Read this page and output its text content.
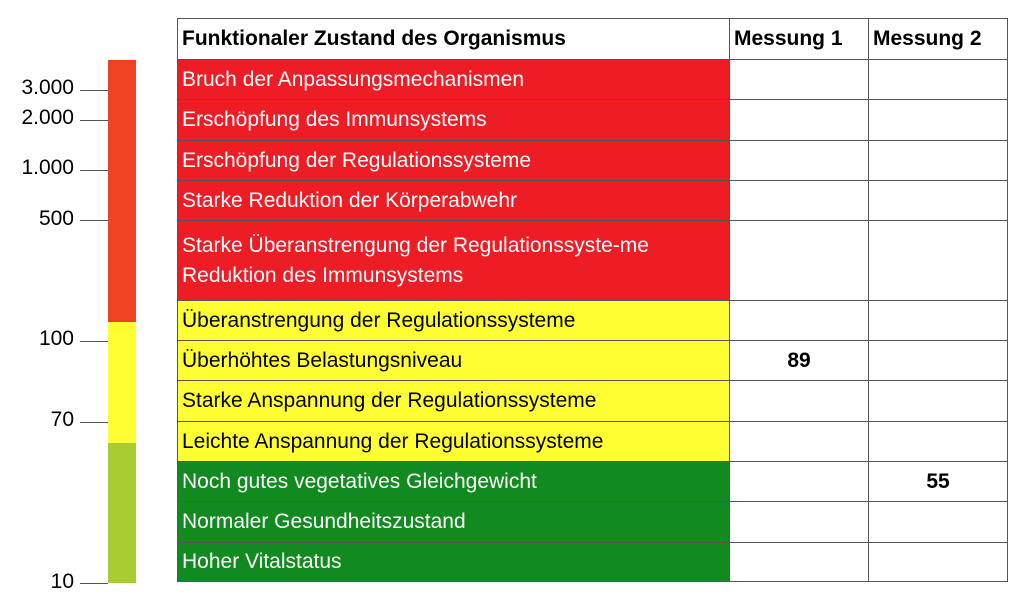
3.000
2.000
1.000
500
100
70
10
Funktionaler Zustand des Organismus	Messung 1	Messung 2
Bruch der Anpassungsmechanismen		
Erschöpfung des Immunsystems		
Erschöpfung der Regulationssysteme		
Starke Reduktion der Körperabwehr		

Starke Überanstrengung der Regulationssyste-me
Reduktion des Immunsystems		

Überanstrengung der Regulationssysteme		
Überhöhtes Belastungsniveau	89	
Starke Anspannung der Regulationssysteme		
Leichte Anspannung der Regulationssysteme		
Noch gutes vegetatives Gleichgewicht		55
Normaler Gesundheitszustand		
Hoher Vitalstatus		
